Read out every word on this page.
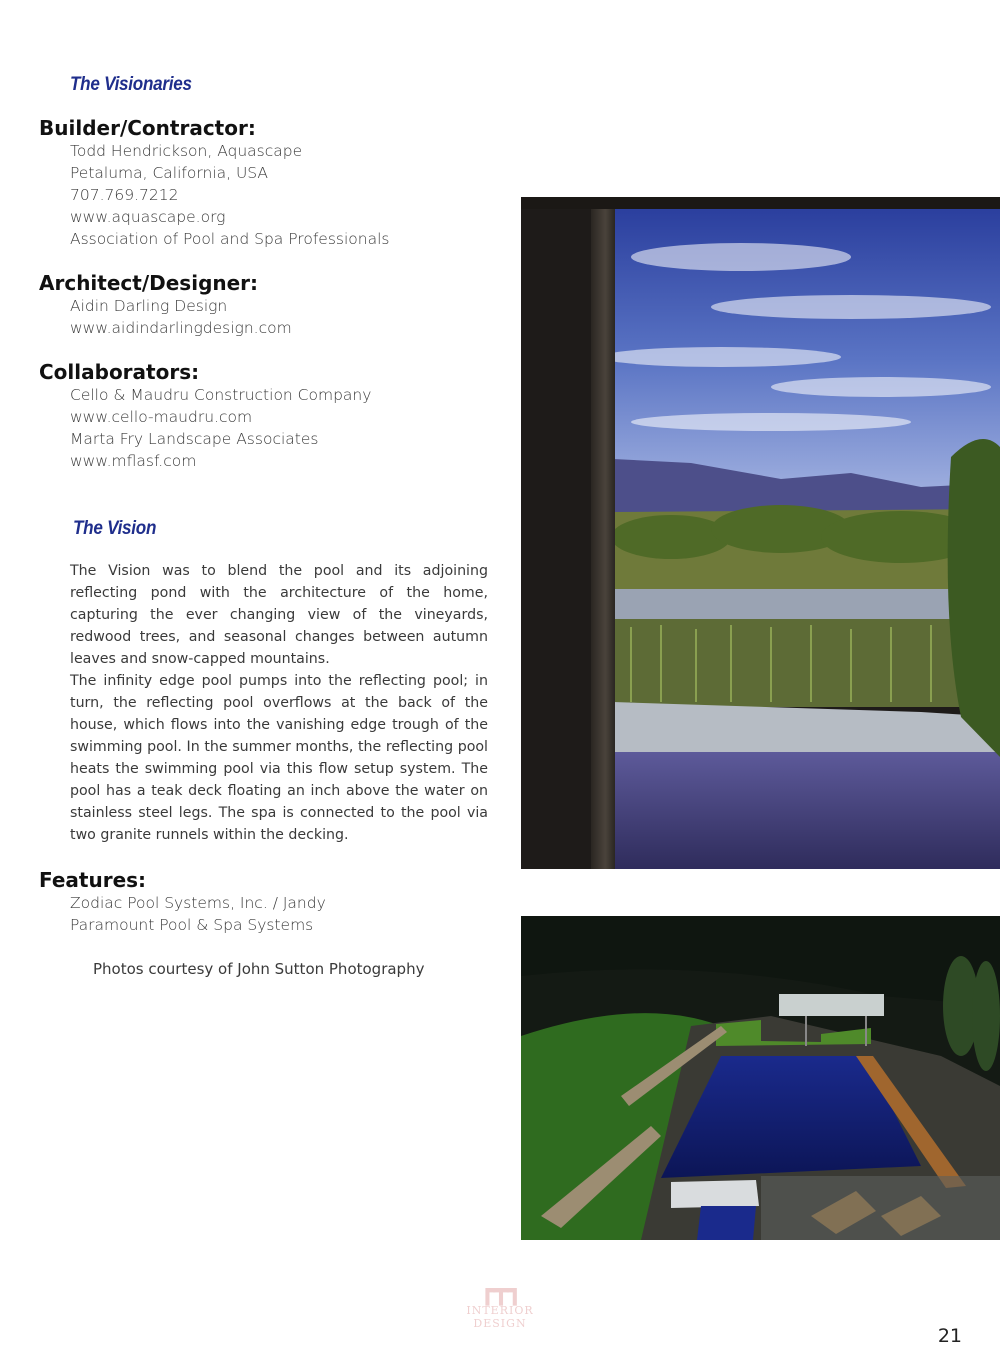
The Visionaries
Builder/Contractor:
Todd Hendrickson, Aquascape
Petaluma, California, USA
707.769.7212
www.aquascape.org
Association of Pool and Spa Professionals
Architect/Designer:
Aidin Darling Design
www.aidindarlingdesign.com
Collaborators:
Cello & Maudru Construction Company
www.cello-maudru.com
Marta Fry Landscape Associates
www.mflasf.com
The Vision

The Vision was to blend the pool and its adjoining reflecting pond with the architecture of the home, capturing the ever changing view of the vineyards, redwood trees, and seasonal changes between autumn leaves and snow-capped mountains.

The infinity edge pool pumps into the reflecting pool; in turn, the reflecting pool overflows at the back of the house, which flows into the vanishing edge trough of the swimming pool. In the summer months, the reflecting pool heats the swimming pool via this flow setup system. The pool has a teak deck floating an inch above the water on stainless steel legs. The spa is connected to the pool via two granite runnels within the decking.

Features:
Zodiac Pool Systems, Inc. / Jandy
Paramount Pool & Spa Systems

Photos courtesy of John Sutton Photography

┏┳┓
INTERIOR DESIGN

21
